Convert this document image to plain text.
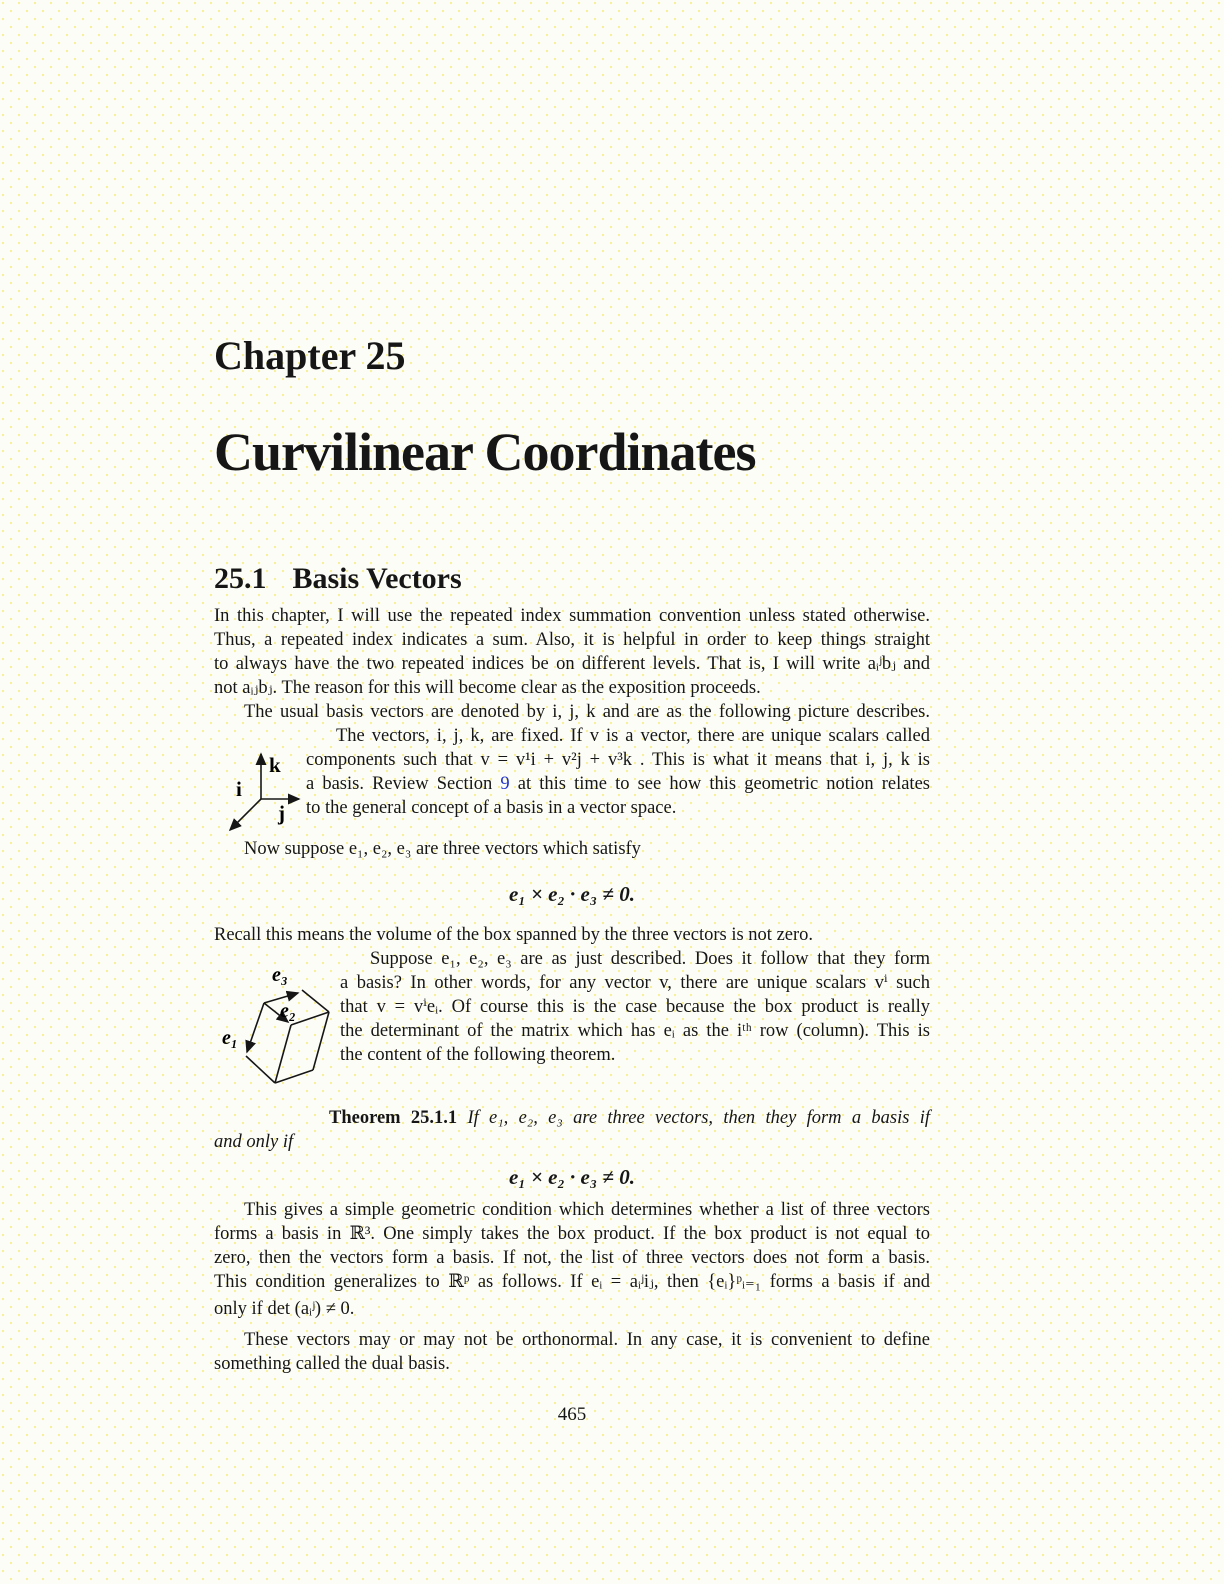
Chapter 25
Curvilinear Coordinates
25.1 Basis Vectors
In this chapter, I will use the repeated index summation convention unless stated otherwise.
Thus, a repeated index indicates a sum. Also, it is helpful in order to keep things straight
to always have the two repeated indices be on different levels. That is, I will write aᵢʲbⱼ and
not aᵢⱼbⱼ. The reason for this will become clear as the exposition proceeds.
The usual basis vectors are denoted by i, j, k and are as the following picture describes.
k
i
j
The vectors, i, j, k, are fixed. If v is a vector, there are unique scalars called
components such that v = v¹i + v²j + v³k . This is what it means that i, j, k is
a basis. Review Section 9 at this time to see how this geometric notion relates
to the general concept of a basis in a vector space.
Now suppose e₁, e₂, e₃ are three vectors which satisfy
e₁ × e₂ · e₃ ≠ 0.
Recall this means the volume of the box spanned by the three vectors is not zero.
e₃
e₂
e₁
Suppose e₁, e₂, e₃ are as just described. Does it follow that they form
a basis? In other words, for any vector v, there are unique scalars vⁱ such
that v = vⁱeᵢ. Of course this is the case because the box product is really
the determinant of the matrix which has eᵢ as the iᵗʰ row (column). This is
the content of the following theorem.
Theorem 25.1.1 If e₁, e₂, e₃ are three vectors, then they form a basis if
and only if
e₁ × e₂ · e₃ ≠ 0.
This gives a simple geometric condition which determines whether a list of three vectors
forms a basis in ℝ³. One simply takes the box product. If the box product is not equal to
zero, then the vectors form a basis. If not, the list of three vectors does not form a basis.
This condition generalizes to ℝᵖ as follows. If eᵢ = aᵢʲiⱼ, then {eᵢ}ᵖᵢ₌₁ forms a basis if and
only if det (aᵢʲ) ≠ 0.
These vectors may or may not be orthonormal. In any case, it is convenient to define
something called the dual basis.
465
